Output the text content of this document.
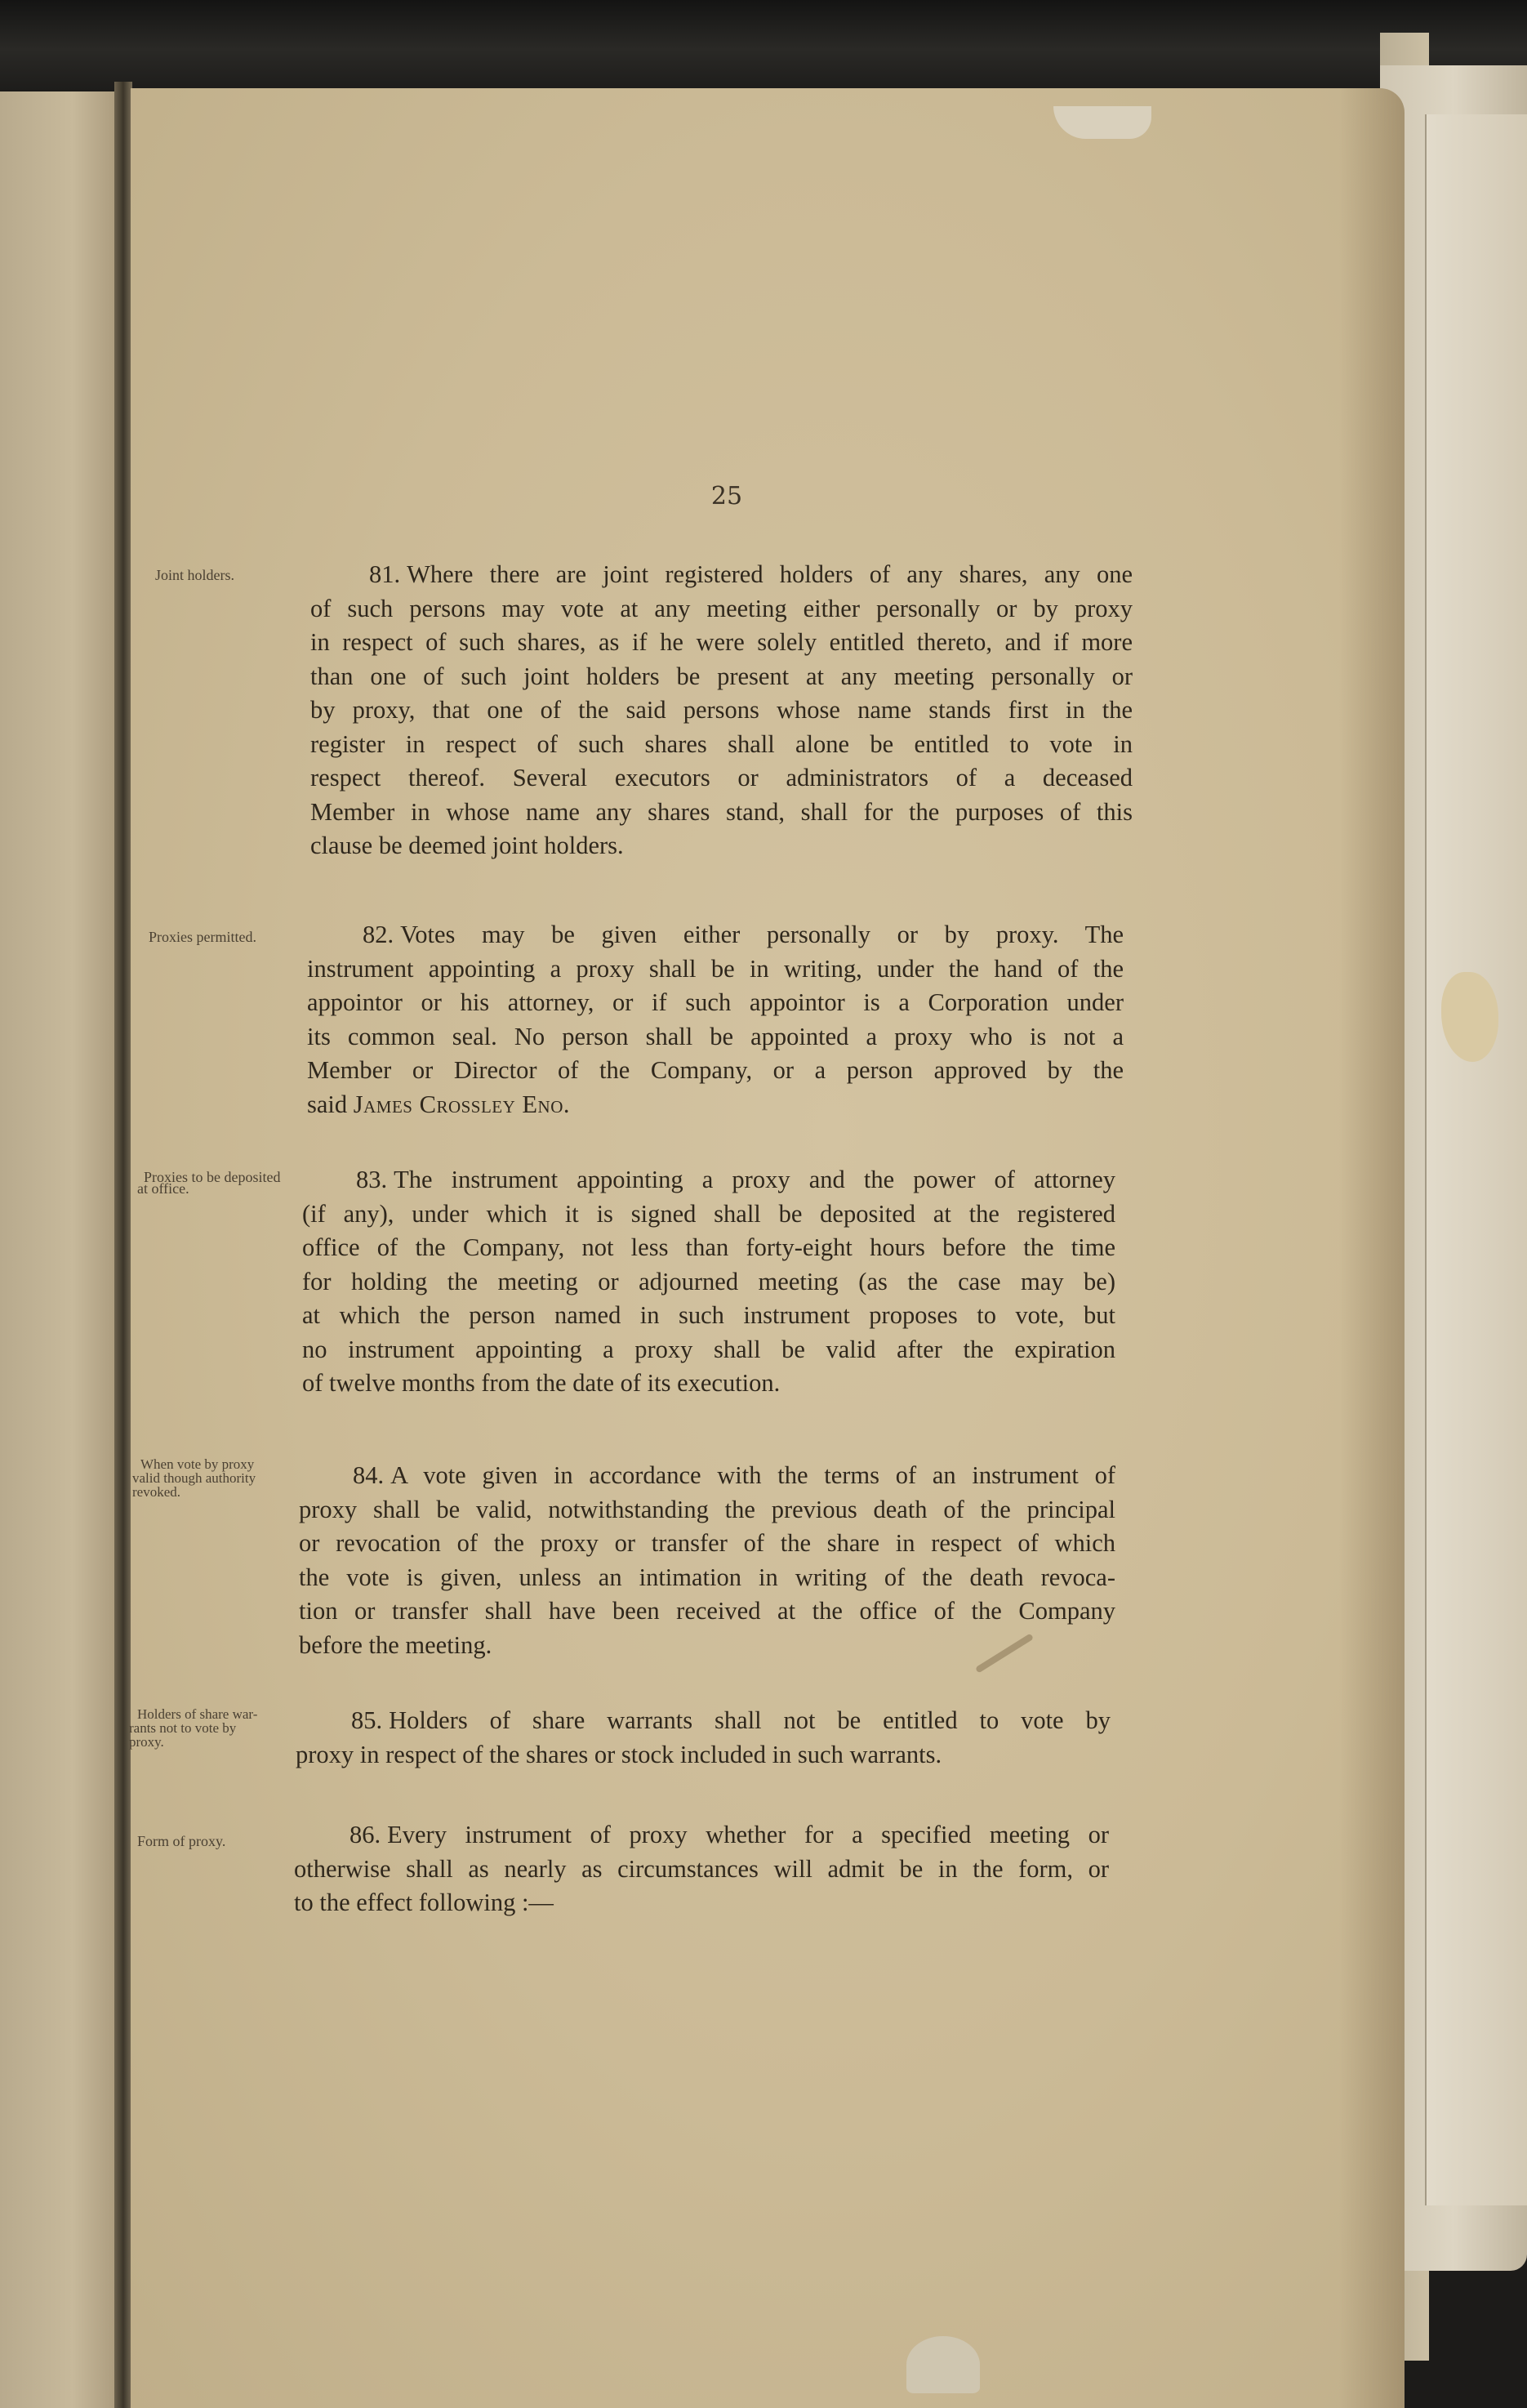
25
Joint holders.	81. Where there are joint registered holders of any shares, any one
of such persons may vote at any meeting either personally or by proxy
in respect of such shares, as if he were solely entitled thereto, and if more
than one of such joint holders be present at any meeting personally or
by proxy, that one of the said persons whose name stands first in the
register in respect of such shares shall alone be entitled to vote in
respect thereof. Several executors or administrators of a deceased
Member in whose name any shares stand, shall for the purposes of this
clause be deemed joint holders.
Proxies permitted.	82. Votes may be given either personally or by proxy. The
instrument appointing a proxy shall be in writing, under the hand of the
appointor or his attorney, or if such appointor is a Corporation under
its common seal. No person shall be appointed a proxy who is not a
Member or Director of the Company, or a person approved by the
said James Crossley Eno.
Proxies to be deposited
at office.	83. The instrument appointing a proxy and the power of attorney
(if any), under which it is signed shall be deposited at the registered
office of the Company, not less than forty-eight hours before the time
for holding the meeting or adjourned meeting (as the case may be)
at which the person named in such instrument proposes to vote, but
no instrument appointing a proxy shall be valid after the expiration
of twelve months from the date of its execution.
When vote by proxy
valid though authority
revoked.
84. A vote given in accordance with the terms of an instrument of
proxy shall be valid, notwithstanding the previous death of the principal
or revocation of the proxy or transfer of the share in respect of which
the vote is given, unless an intimation in writing of the death revoca-
tion or transfer shall have been received at the office of the Company
before the meeting.
Holders of share war-
rants not to vote by
proxy.
85. Holders of share warrants shall not be entitled to vote by
proxy in respect of the shares or stock included in such warrants.
Form of proxy.	86. Every instrument of proxy whether for a specified meeting or
otherwise shall as nearly as circumstances will admit be in the form, or
to the effect following :—
